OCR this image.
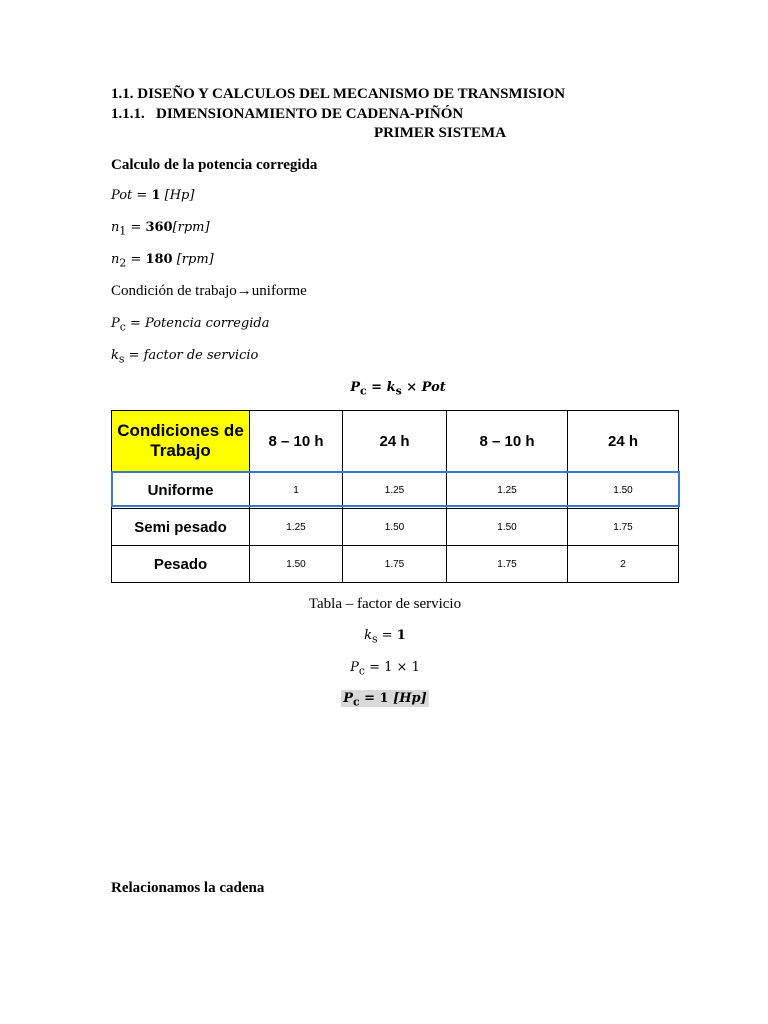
1.1. DISEÑO Y CALCULOS DEL MECANISMO DE TRANSMISION
1.1.1.   DIMENSIONAMIENTO DE CADENA-PIÑÓN
PRIMER SISTEMA
Calculo de la potencia corregida
Pot = 1 [Hp]
$n_1 = 360[rpm]$
$n_2 = 180$ [rpm]
Condición de trabajo→uniforme
$P_c$ = Potencia corregida
$k_s$ = factor de servicio
$P_c = k_s$ × Pot
Condiciones de Trabajo	8 – 10 h	24 h	8 – 10 h	24 h
Uniforme	1	1.25	1.25	1.50
Semi pesado	1.25	1.50	1.50	1.75
Pesado	1.50	1.75	1.75	2
Tabla – factor de servicio
$k_s = 1$
$P_c = 1 \times 1$
$P_c = 1$ [Hp]
Relacionamos la cadena
